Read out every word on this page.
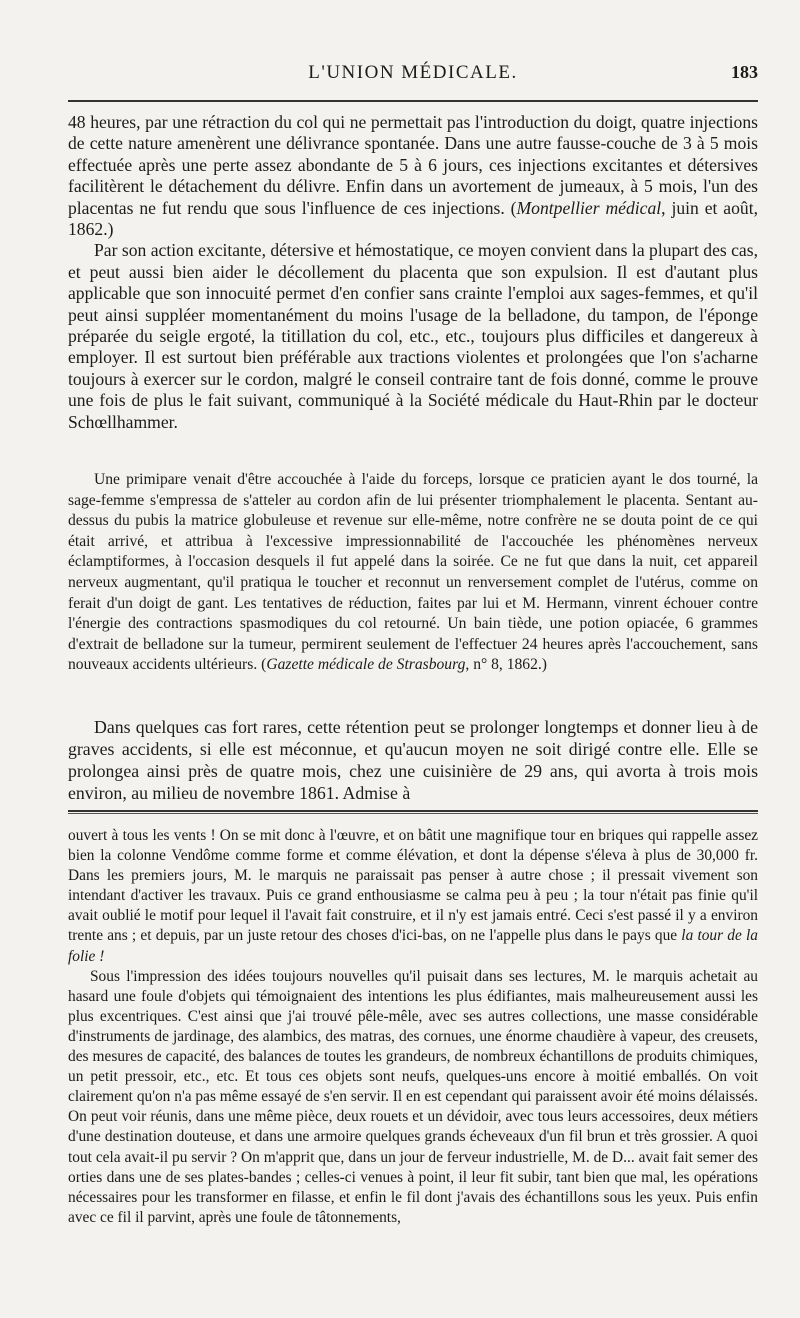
L'UNION MÉDICALE.	183

48 heures, par une rétraction du col qui ne permettait pas l'introduction du doigt, quatre injections de cette nature amenèrent une délivrance spontanée. Dans une autre fausse-couche de 3 à 5 mois effectuée après une perte assez abondante de 5 à 6 jours, ces injections excitantes et détersives facilitèrent le détachement du délivre. Enfin dans un avortement de jumeaux, à 5 mois, l'un des placentas ne fut rendu que sous l'influence de ces injections. (Montpellier médical, juin et août, 1862.)

Par son action excitante, détersive et hémostatique, ce moyen convient dans la plupart des cas, et peut aussi bien aider le décollement du placenta que son expulsion. Il est d'autant plus applicable que son innocuité permet d'en confier sans crainte l'emploi aux sages-femmes, et qu'il peut ainsi suppléer momentanément du moins l'usage de la belladone, du tampon, de l'éponge préparée du seigle ergoté, la titillation du col, etc., etc., toujours plus difficiles et dangereux à employer. Il est surtout bien préférable aux tractions violentes et prolongées que l'on s'acharne toujours à exercer sur le cordon, malgré le conseil contraire tant de fois donné, comme le prouve une fois de plus le fait suivant, communiqué à la Société médicale du Haut-Rhin par le docteur Schœllhammer.

Une primipare venait d'être accouchée à l'aide du forceps, lorsque ce praticien ayant le dos tourné, la sage-femme s'empressa de s'atteler au cordon afin de lui présenter triomphalement le placenta. Sentant au-dessus du pubis la matrice globuleuse et revenue sur elle-même, notre confrère ne se douta point de ce qui était arrivé, et attribua à l'excessive impressionnabilité de l'accouchée les phénomènes nerveux éclamptiformes, à l'occasion desquels il fut appelé dans la soirée. Ce ne fut que dans la nuit, cet appareil nerveux augmentant, qu'il pratiqua le toucher et reconnut un renversement complet de l'utérus, comme on ferait d'un doigt de gant. Les tentatives de réduction, faites par lui et M. Hermann, vinrent échouer contre l'énergie des contractions spasmodiques du col retourné. Un bain tiède, une potion opiacée, 6 grammes d'extrait de belladone sur la tumeur, permirent seulement de l'effectuer 24 heures après l'accouchement, sans nouveaux accidents ultérieurs. (Gazette médicale de Strasbourg, n° 8, 1862.)

Dans quelques cas fort rares, cette rétention peut se prolonger longtemps et donner lieu à de graves accidents, si elle est méconnue, et qu'aucun moyen ne soit dirigé contre elle. Elle se prolongea ainsi près de quatre mois, chez une cuisinière de 29 ans, qui avorta à trois mois environ, au milieu de novembre 1861. Admise à

ouvert à tous les vents ! On se mit donc à l'œuvre, et on bâtit une magnifique tour en briques qui rappelle assez bien la colonne Vendôme comme forme et comme élévation, et dont la dépense s'éleva à plus de 30,000 fr. Dans les premiers jours, M. le marquis ne paraissait pas penser à autre chose ; il pressait vivement son intendant d'activer les travaux. Puis ce grand enthousiasme se calma peu à peu ; la tour n'était pas finie qu'il avait oublié le motif pour lequel il l'avait fait construire, et il n'y est jamais entré. Ceci s'est passé il y a environ trente ans ; et depuis, par un juste retour des choses d'ici-bas, on ne l'appelle plus dans le pays que la tour de la folie !

Sous l'impression des idées toujours nouvelles qu'il puisait dans ses lectures, M. le marquis achetait au hasard une foule d'objets qui témoignaient des intentions les plus édifiantes, mais malheureusement aussi les plus excentriques. C'est ainsi que j'ai trouvé pêle-mêle, avec ses autres collections, une masse considérable d'instruments de jardinage, des alambics, des matras, des cornues, une énorme chaudière à vapeur, des creusets, des mesures de capacité, des balances de toutes les grandeurs, de nombreux échantillons de produits chimiques, un petit pressoir, etc., etc. Et tous ces objets sont neufs, quelques-uns encore à moitié emballés. On voit clairement qu'on n'a pas même essayé de s'en servir. Il en est cependant qui paraissent avoir été moins délaissés. On peut voir réunis, dans une même pièce, deux rouets et un dévidoir, avec tous leurs accessoires, deux métiers d'une destination douteuse, et dans une armoire quelques grands écheveaux d'un fil brun et très grossier. A quoi tout cela avait-il pu servir ? On m'apprit que, dans un jour de ferveur industrielle, M. de D... avait fait semer des orties dans une de ses plates-bandes ; celles-ci venues à point, il leur fit subir, tant bien que mal, les opérations nécessaires pour les transformer en filasse, et enfin le fil dont j'avais des échantillons sous les yeux. Puis enfin avec ce fil il parvint, après une foule de tâtonnements,
